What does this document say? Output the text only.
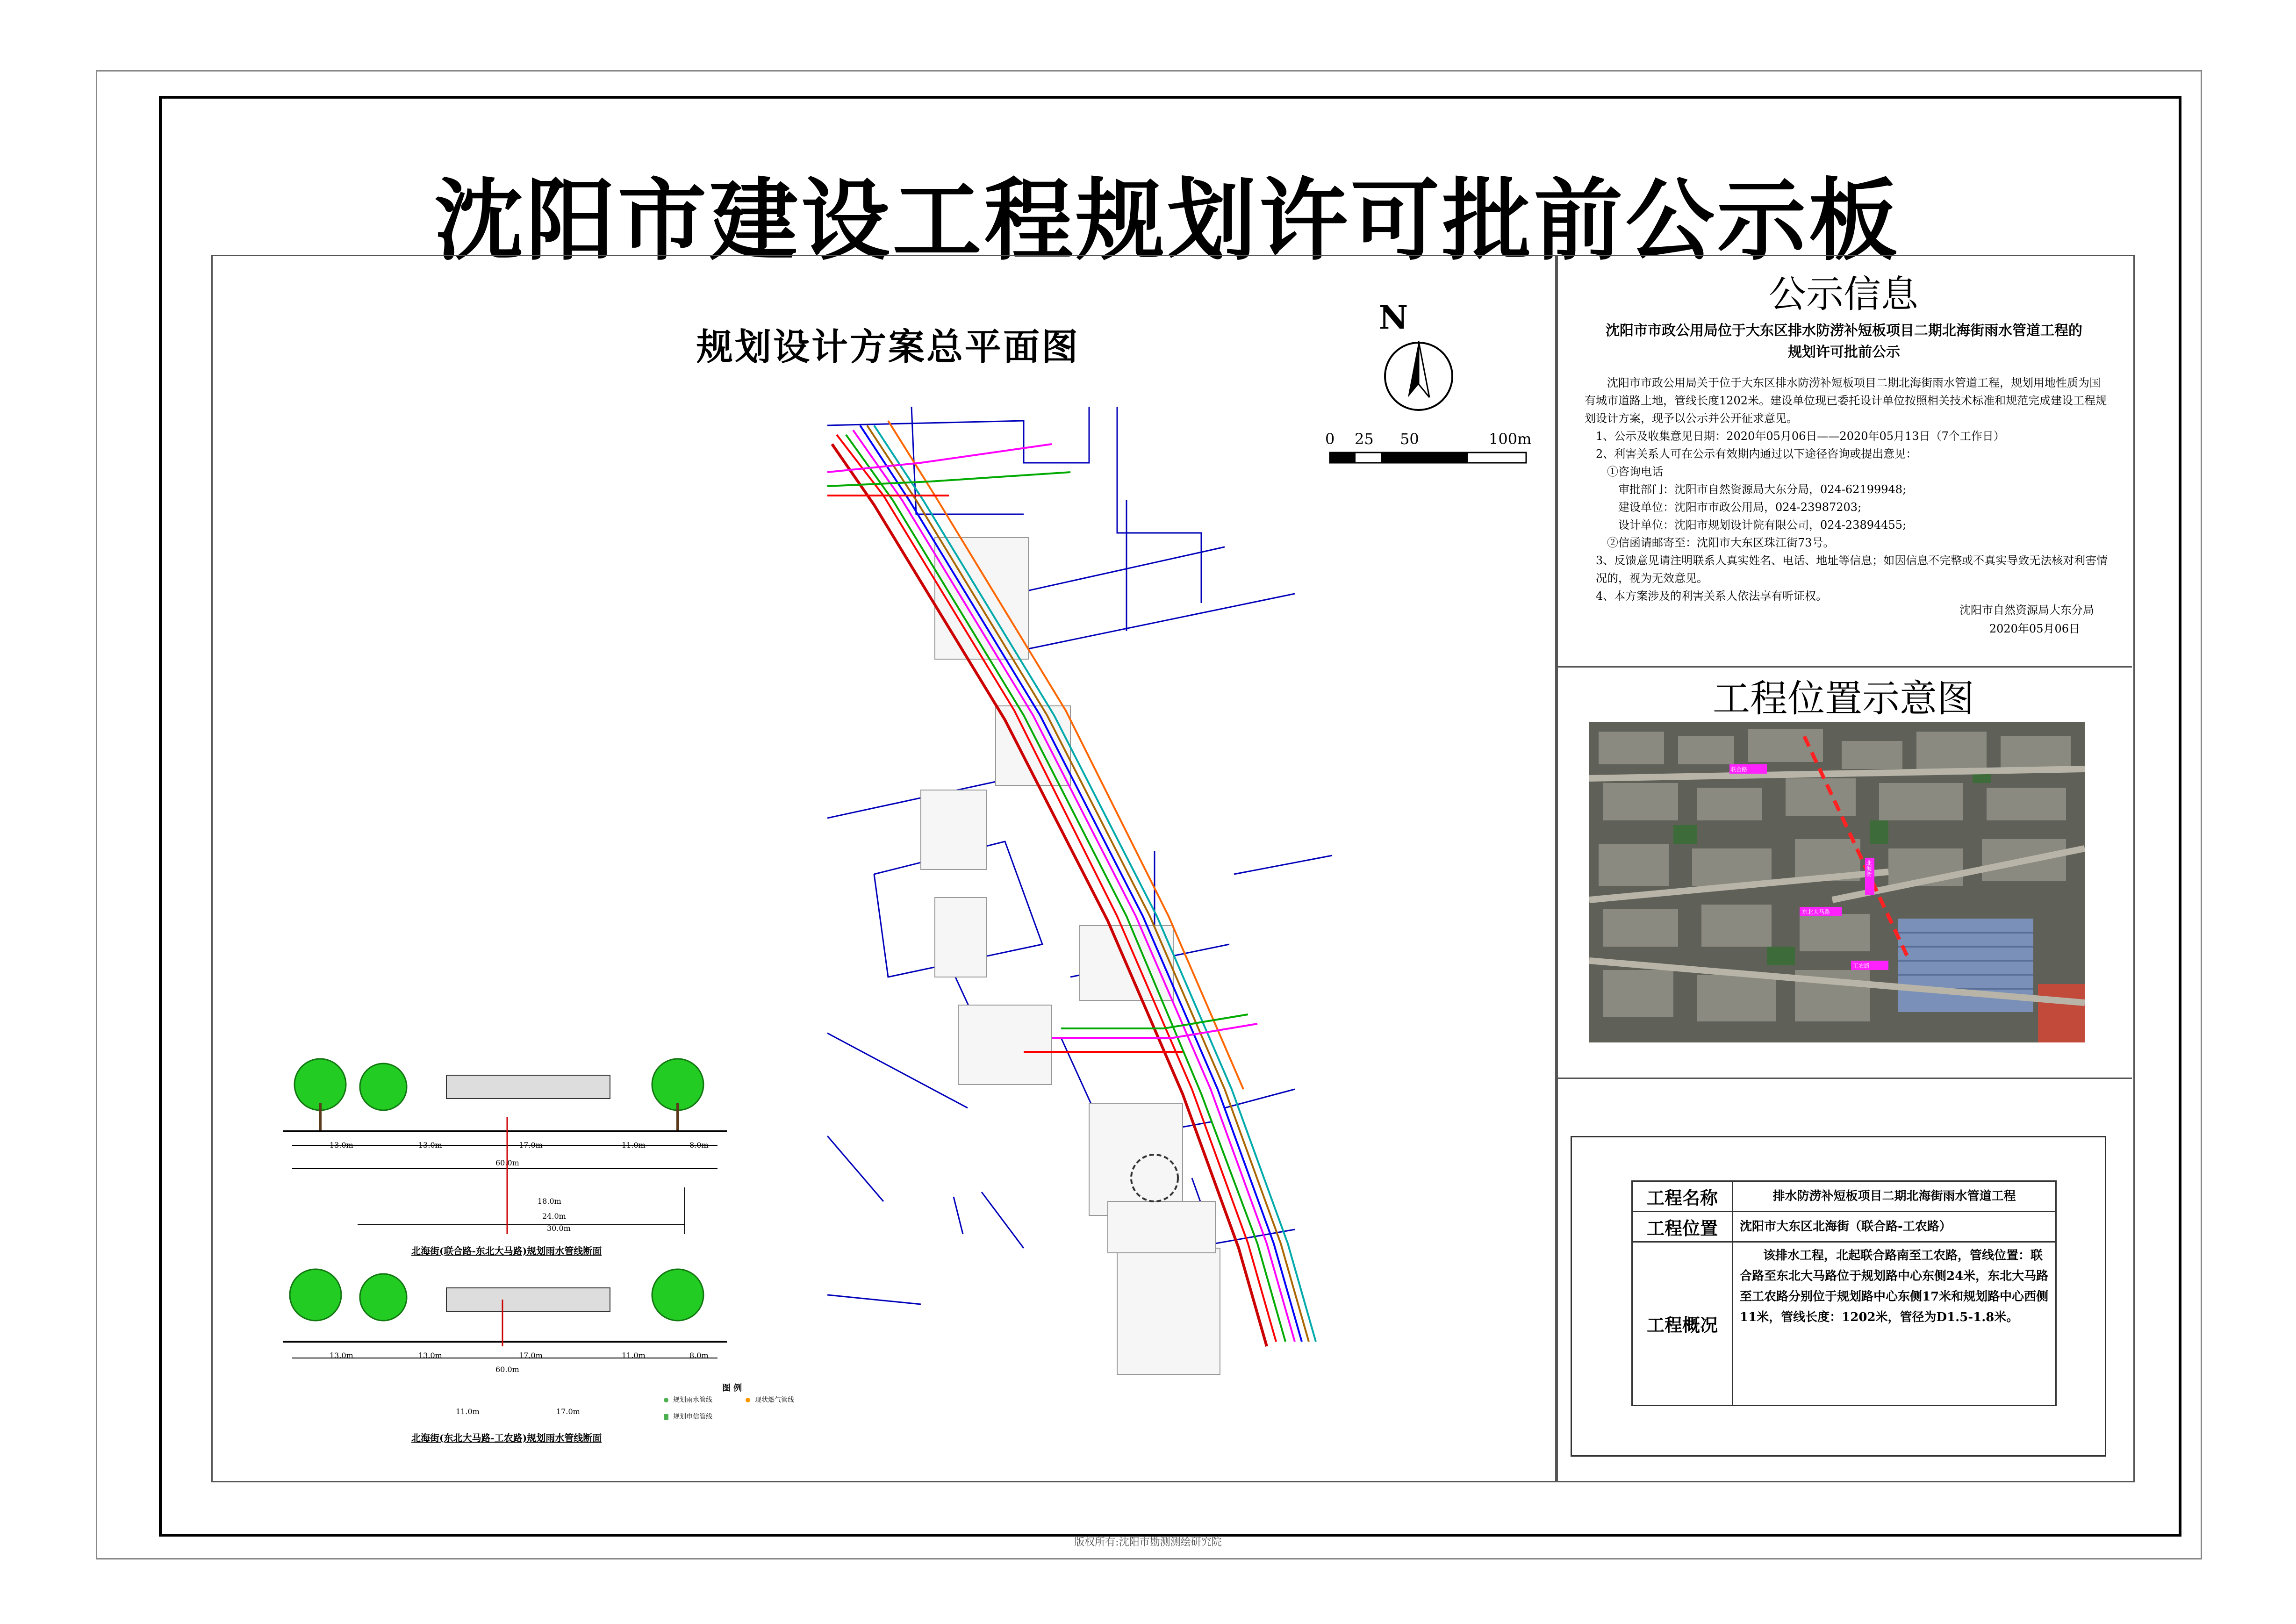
沈阳市建设工程规划许可批前公示板
规划设计方案总平面图
N
0 25 50	100m
13.0m	13.0m	17.0m	11.0m	8.0m
60.0m
18.0m
24.0m
30.0m
北海街(联合路-东北大马路)规划雨水管线断面
13.0m	13.0m	17.0m	11.0m	8.0m
60.0m
11.0m	17.0m
北海街(东北大马路-工农路)规划雨水管线断面
图 例
规划雨水管线	现状燃气管线
规划电信管线
公示信息
沈阳市市政公用局位于大东区排水防涝补短板项目二期北海街雨水管道工程的
规划许可批前公示

沈阳市市政公用局关于位于大东区排水防涝补短板项目二期北海街雨水管道工程，规划用地性质为国有城市道路土地，管线长度1202米。建设单位现已委托设计单位按照相关技术标准和规范完成建设工程规划设计方案，现予以公示并公开征求意见。

1、公示及收集意见日期：2020年05月06日——2020年05月13日（7个工作日）

2、利害关系人可在公示有效期内通过以下途径咨询或提出意见：

①咨询电话

审批部门：沈阳市自然资源局大东分局，024-62199948;

建设单位：沈阳市市政公用局，024-23987203;

设计单位：沈阳市规划设计院有限公司，024-23894455;

②信函请邮寄至：沈阳市大东区珠江街73号。

3、反馈意见请注明联系人真实姓名、电话、地址等信息；如因信息不完整或不真实导致无法核对利害情况的，视为无效意见。

4、本方案涉及的利害关系人依法享有听证权。

沈阳市自然资源局大东分局
2020年05月06日
工程位置示意图
联合路
北海街
东北大马路
工农路
工程名称	排水防涝补短板项目二期北海街雨水管道工程
工程位置	沈阳市大东区北海街（联合路-工农路）
工程概况	该排水工程，北起联合路南至工农路，管线位置：联合路至东北大马路位于规划路中心东侧24米，东北大马路至工农路分别位于规划路中心东侧17米和规划路中心西侧11米，管线长度：1202米，管径为D1.5-1.8米。
版权所有:沈阳市勘测测绘研究院
